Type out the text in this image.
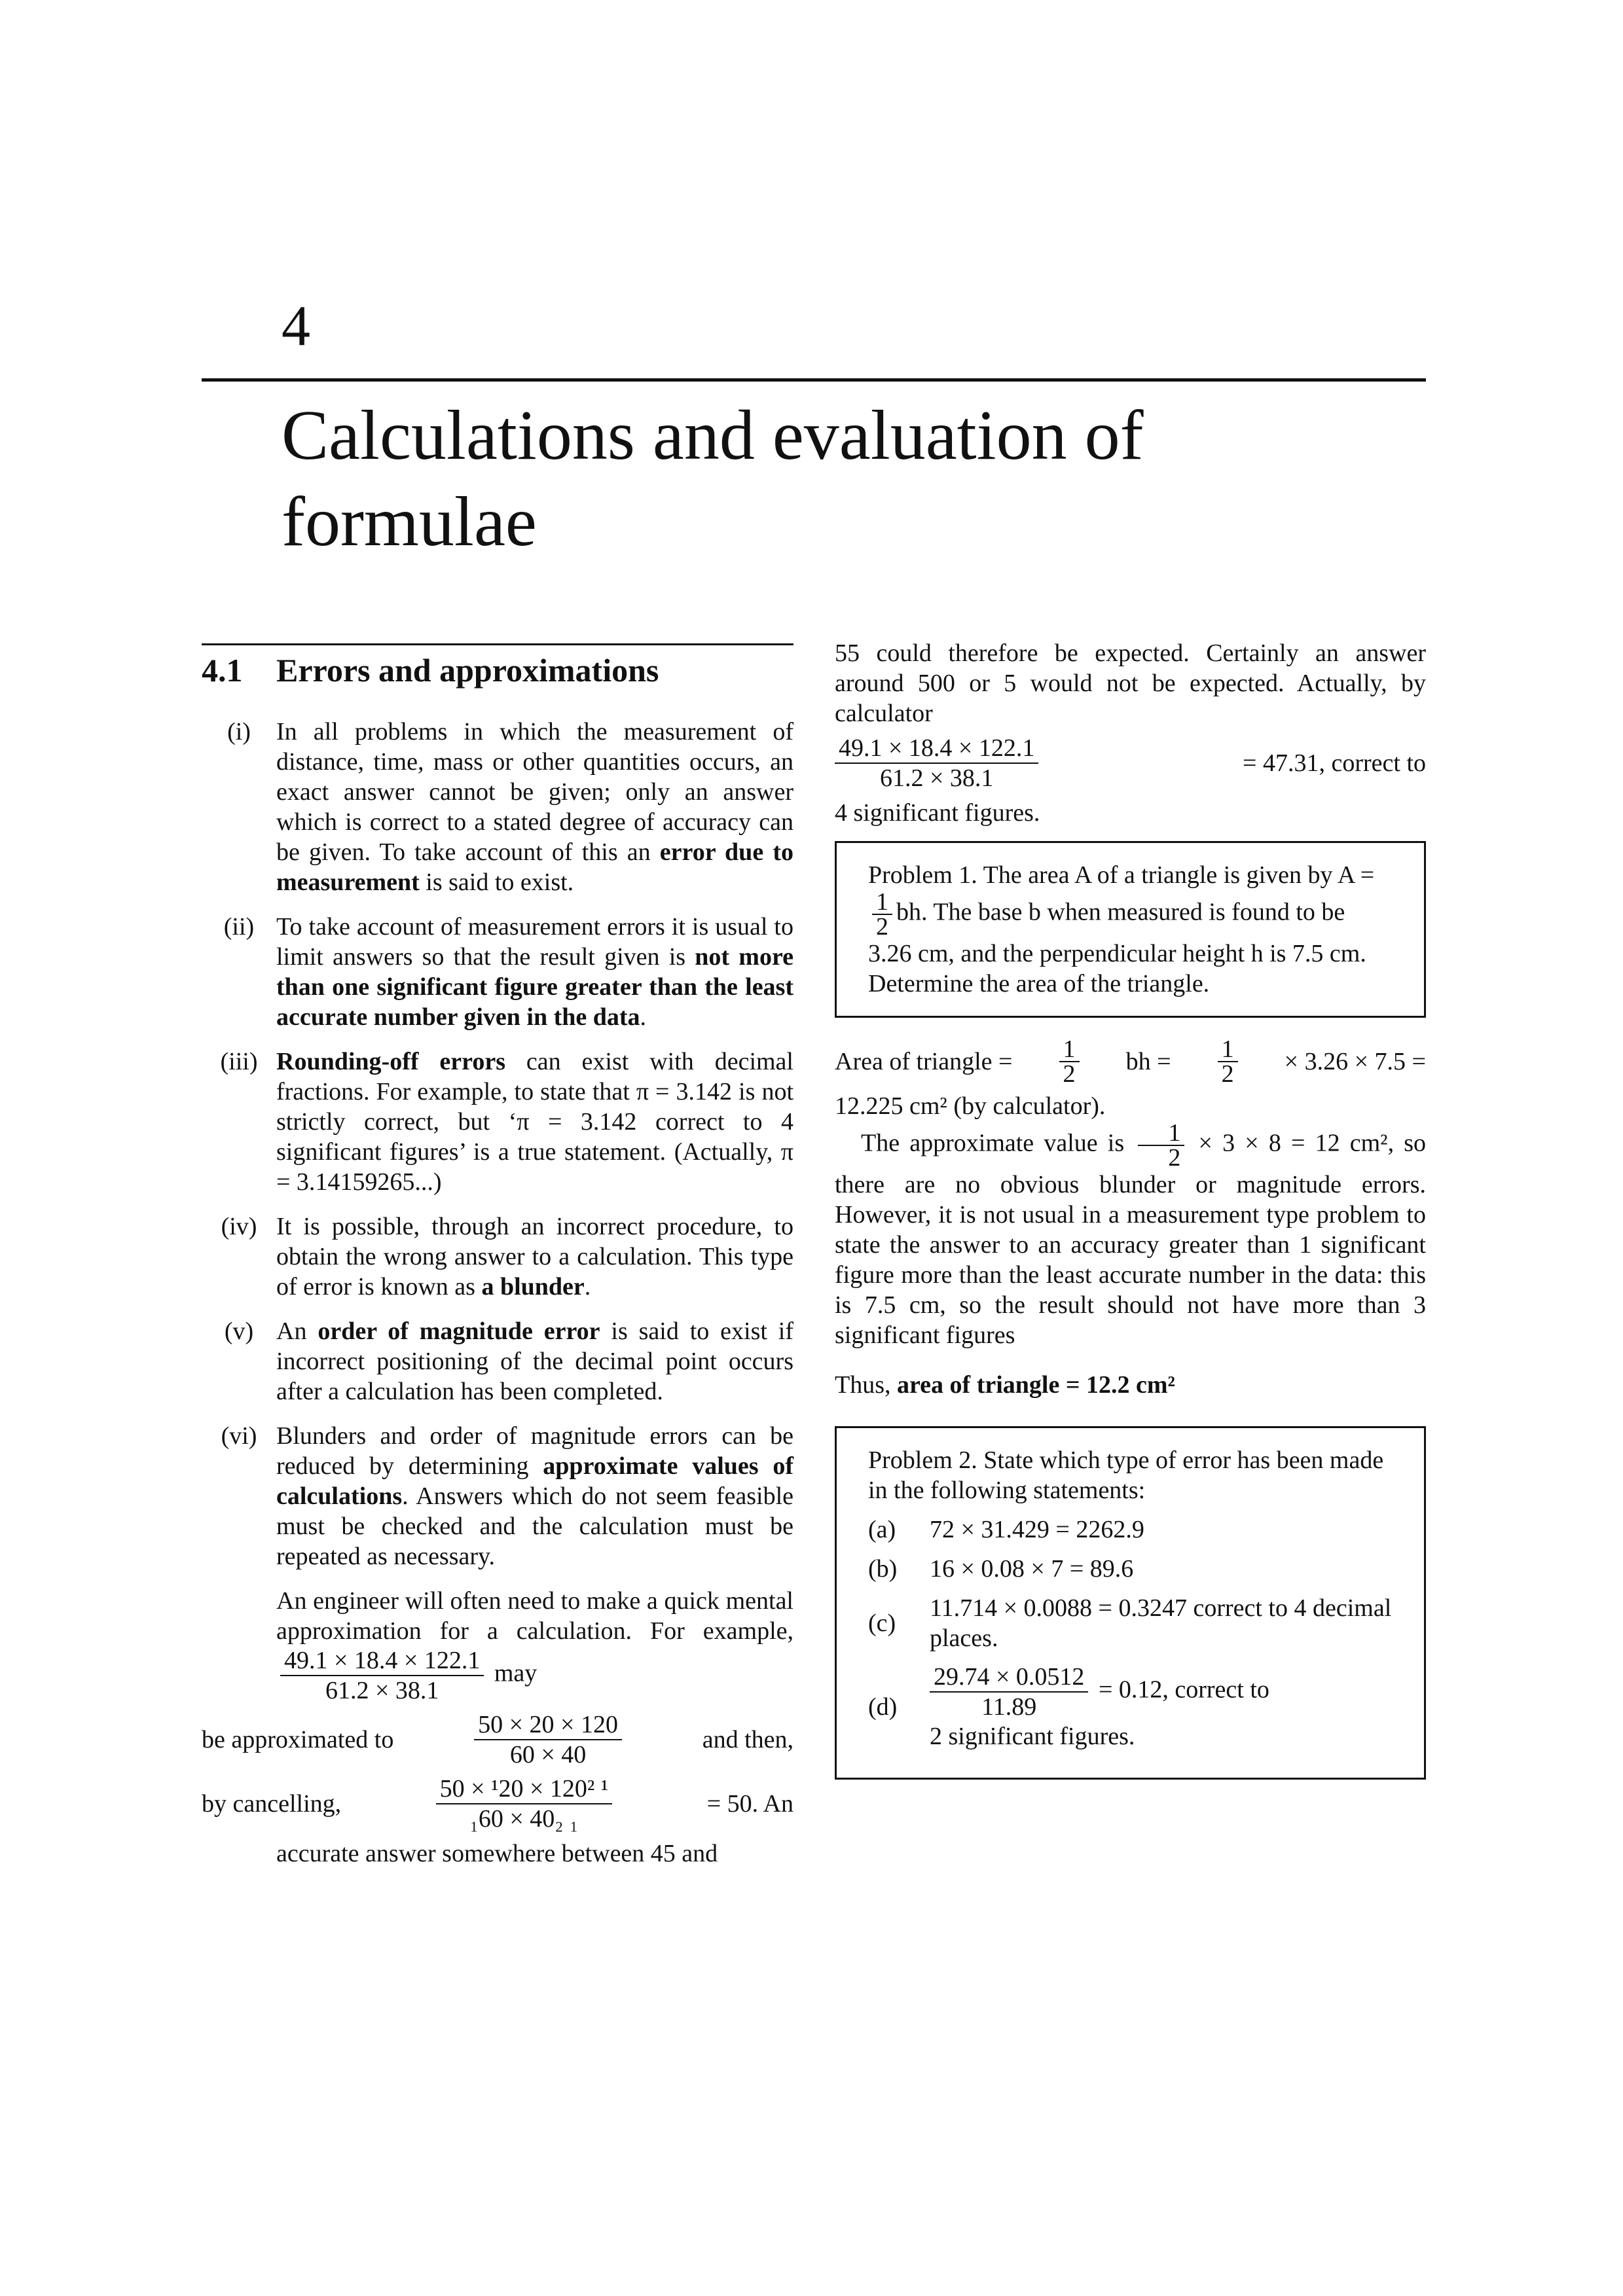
4
Calculations and evaluation of
formulae
4.1 Errors and approximations
(i)	In all problems in which the measurement of distance, time, mass or other quantities occurs, an exact answer cannot be given; only an answer which is correct to a stated degree of accuracy can be given. To take account of this an error due to measurement is said to exist.
(ii) To take account of measurement errors it is usual to limit answers so that the result given is not more than one significant figure greater than the least accurate number given in the data.
(iii) Rounding-off errors can exist with decimal fractions. For example, to state that π = 3.142 is not strictly correct, but ‘π = 3.142 correct to 4 significant figures’ is a true statement. (Actually, π = 3.14159265...)
(iv) It is possible, through an incorrect procedure, to obtain the wrong answer to a calculation. This type of error is known as a blunder.
(v) An order of magnitude error is said to exist if incorrect positioning of the decimal point occurs after a calculation has been completed.
(vi) Blunders and order of magnitude errors can be reduced by determining approximate values of calculations. Answers which do not seem feasible must be checked and the calculation must be repeated as necessary.
An engineer will often need to make a quick mental approximation for a calculation. For example,
$\frac{49.1 \times 18.4 \times 122.1}{61.2 \times 38.1}$ may
be approximated to	$\frac{50 \times 20 \times 120}{60 \times 40}$	and then,
by cancelling,	$\frac{\text{50 × ¹20 × 120² ¹}}{\text{₁60 × 40₂ ₁}}$	= 50. An
accurate answer somewhere between 45 and
55 could therefore be expected. Certainly an answer around 500 or 5 would not be expected. Actually, by calculator
$\frac{49.1 \times 18.4 \times 122.1}{61.2 \times 38.1}$	= 47.31, correct to
4 significant figures.
Problem 1. The area A of a triangle is given by A =
$\frac{1}{2}$ bh. The base b when measured is found to be 3.26 cm, and the perpendicular height h is 7.5 cm. Determine the area of the triangle.
Area of triangle = $\frac{1}{2}$ bh = $\frac{1}{2} \times 3.26 \times 7.5$ =
12.225 cm² (by calculator).
The approximate value is $\frac{1}{2} \times 3 \times 8 = 12$ cm², so there are no obvious blunder or magnitude errors. However, it is not usual in a measurement type problem to state the answer to an accuracy greater than 1 significant figure more than the least accurate number in the data: this is 7.5 cm, so the result should not have more than 3 significant figures
Thus, area of triangle = 12.2 cm²
Problem 2. State which type of error has been made in the following statements:
(a)	72 × 31.429 = 2262.9
(b)	16 × 0.08 × 7 = 89.6
(c)
11.714 × 0.0088 = 0.3247 correct to 4 decimal places.
(d)	$\frac{29.74 \times 0.0512}{11.89} = 0.12$, correct to
2 significant figures.
